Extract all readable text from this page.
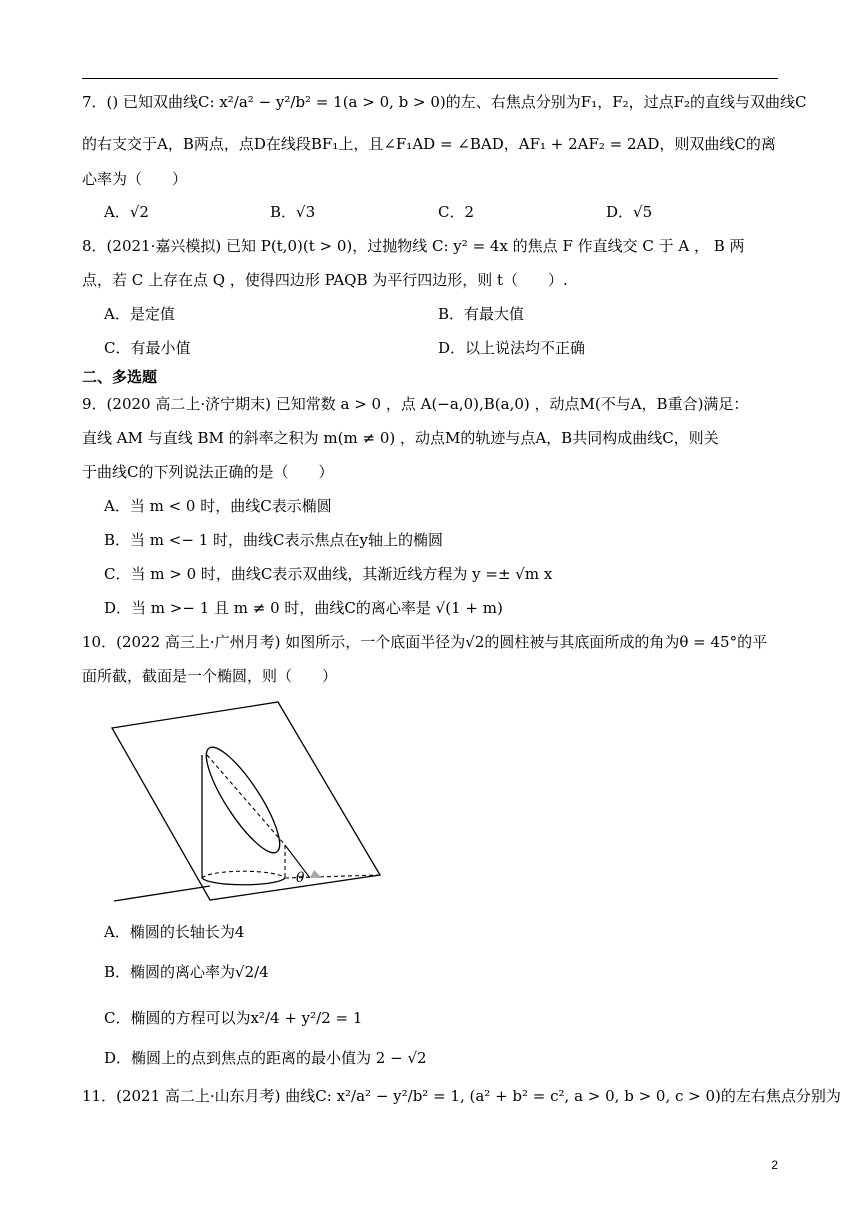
7．() 已知双曲线C: x²/a² − y²/b² = 1(a > 0, b > 0)的左、右焦点分别为F₁，F₂，过点F₂的直线与双曲线C
的右支交于A，B两点，点D在线段BF₁上，且∠F₁AD = ∠BAD，AF₁ + 2AF₂ = 2AD，则双曲线C的离
心率为（　　）
A．√2	B．√3	C．2	D．√5
8．(2021·嘉兴模拟) 已知 P(t,0)(t > 0)，过抛物线 C: y² = 4x 的焦点 F 作直线交 C 于 A ， B 两
点，若 C 上存在点 Q ，使得四边形 PAQB 为平行四边形，则 t（　　）.
A．是定值	B．有最大值
C．有最小值	D．以上说法均不正确
二、多选题
9．(2020 高二上·济宁期末) 已知常数 a > 0 ，点 A(−a,0),B(a,0) ，动点M(不与A，B重合)满足：
直线 AM 与直线 BM 的斜率之积为 m(m ≠ 0) ，动点M的轨迹与点A，B共同构成曲线C，则关
于曲线C的下列说法正确的是（　　）
A．当 m < 0 时，曲线C表示椭圆
B．当 m <− 1 时，曲线C表示焦点在y轴上的椭圆
C．当 m > 0 时，曲线C表示双曲线，其渐近线方程为 y =± √m x
D．当 m >− 1 且 m ≠ 0 时，曲线C的离心率是 √(1 + m)
10．(2022 高三上·广州月考) 如图所示，一个底面半径为√2的圆柱被与其底面所成的角为θ = 45°的平
面所截，截面是一个椭圆，则（　　）
θ
A．椭圆的长轴长为4
B．椭圆的离心率为√2/4
C．椭圆的方程可以为x²/4 + y²/2 = 1
D．椭圆上的点到焦点的距离的最小值为 2 − √2
11．(2021 高二上·山东月考) 曲线C: x²/a² − y²/b² = 1, (a² + b² = c², a > 0, b > 0, c > 0)的左右焦点分别为
2
